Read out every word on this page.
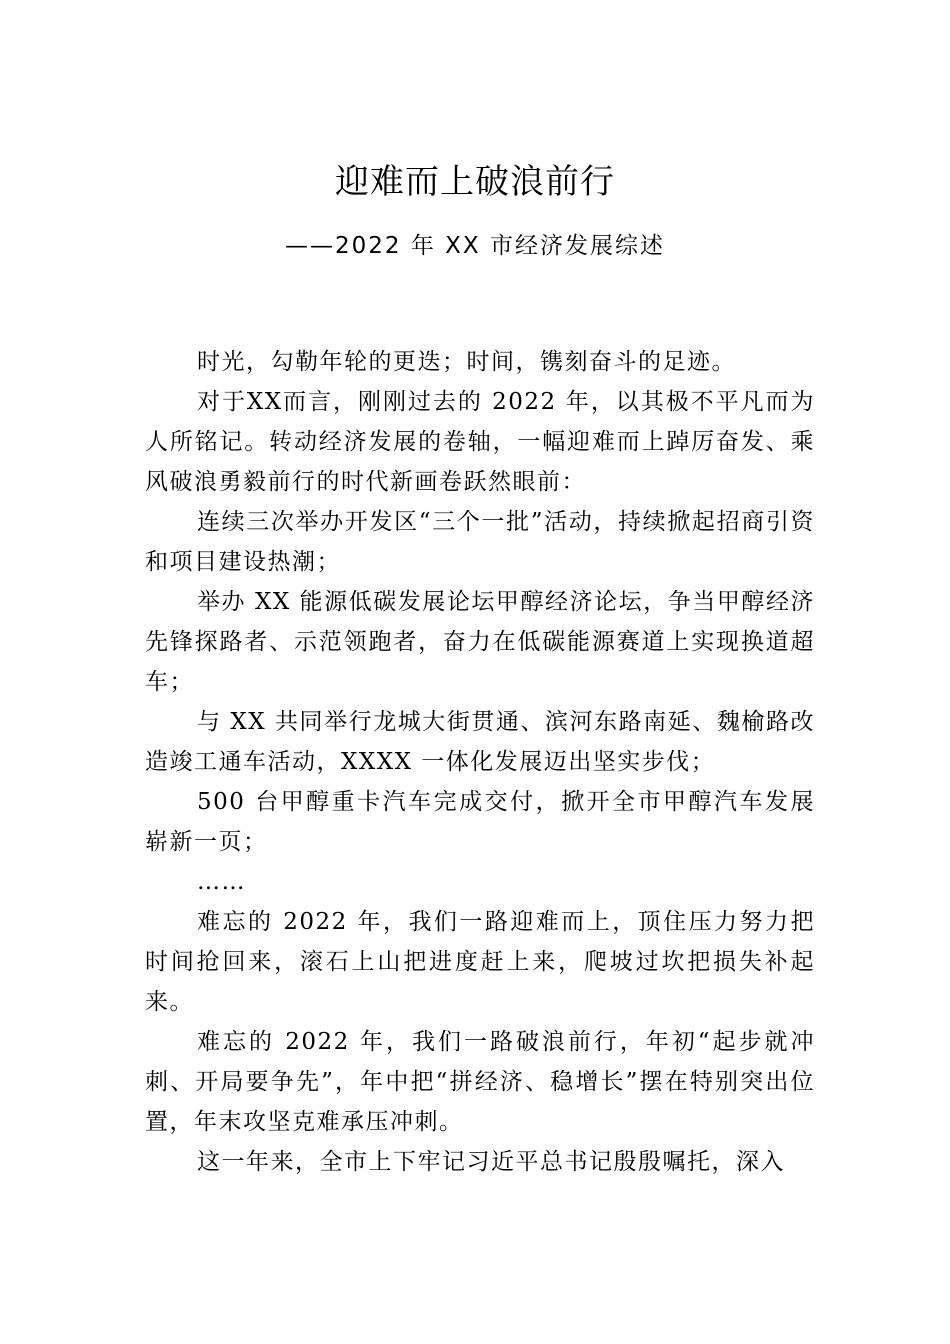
迎难而上破浪前行
——2022 年 XX 市经济发展综述

时光，勾勒年轮的更迭；时间，镌刻奋斗的足迹。

对于XX而言，刚刚过去的 2022 年，以其极不平凡而为人所铭记。转动经济发展的卷轴，一幅迎难而上踔厉奋发、乘风破浪勇毅前行的时代新画卷跃然眼前：

连续三次举办开发区“三个一批”活动，持续掀起招商引资和项目建设热潮；

举办 XX 能源低碳发展论坛甲醇经济论坛，争当甲醇经济先锋探路者、示范领跑者，奋力在低碳能源赛道上实现换道超车；

与 XX 共同举行龙城大街贯通、滨河东路南延、魏榆路改造竣工通车活动，XXXX 一体化发展迈出坚实步伐；

500 台甲醇重卡汽车完成交付，掀开全市甲醇汽车发展崭新一页；

……

难忘的 2022 年，我们一路迎难而上，顶住压力努力把时间抢回来，滚石上山把进度赶上来，爬坡过坎把损失补起来。

难忘的 2022 年，我们一路破浪前行，年初“起步就冲刺、开局要争先”，年中把“拼经济、稳增长”摆在特别突出位置，年末攻坚克难承压冲刺。

这一年来，全市上下牢记习近平总书记殷殷嘱托，深入
